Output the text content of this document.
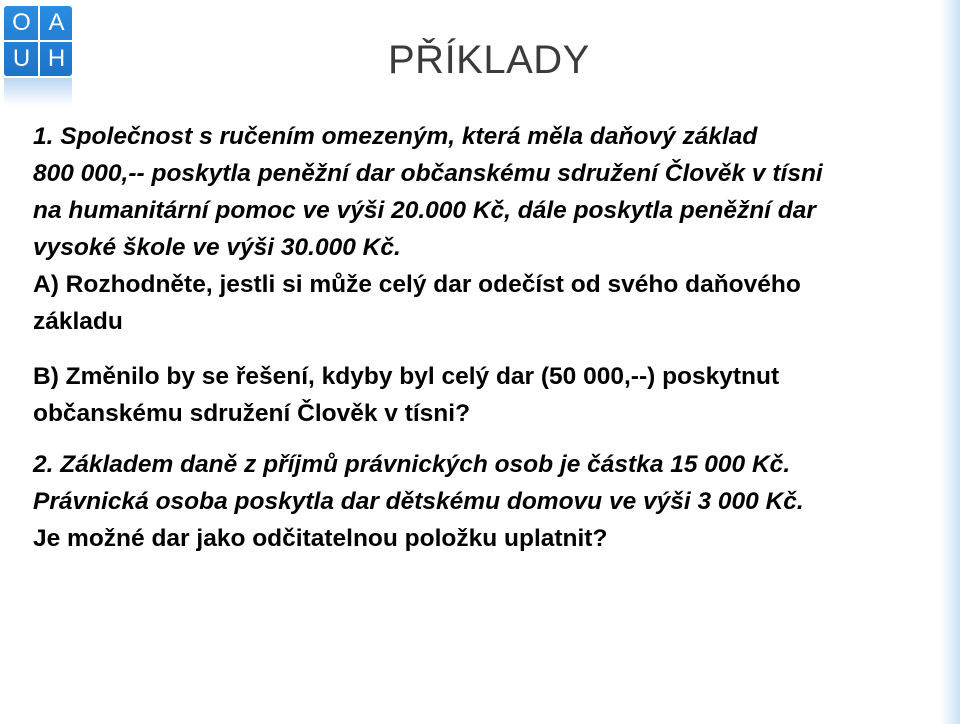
O A
U H	PŘÍKLADY

1. Společnost s ručením omezeným, která měla daňový základ

800 000,-- poskytla peněžní dar občanskému sdružení Člověk v tísni

na humanitární pomoc ve výši 20.000 Kč, dále poskytla peněžní dar

vysoké škole ve výši 30.000 Kč.

A) Rozhodněte, jestli si může celý dar odečíst od svého daňového

základu

B) Změnilo by se řešení, kdyby byl celý dar (50 000,--) poskytnut

občanskému sdružení Člověk v tísni?

2. Základem daně z příjmů právnických osob je částka 15 000 Kč.

Právnická osoba poskytla dar dětskému domovu ve výši 3 000 Kč.

Je možné dar jako odčitatelnou položku uplatnit?
